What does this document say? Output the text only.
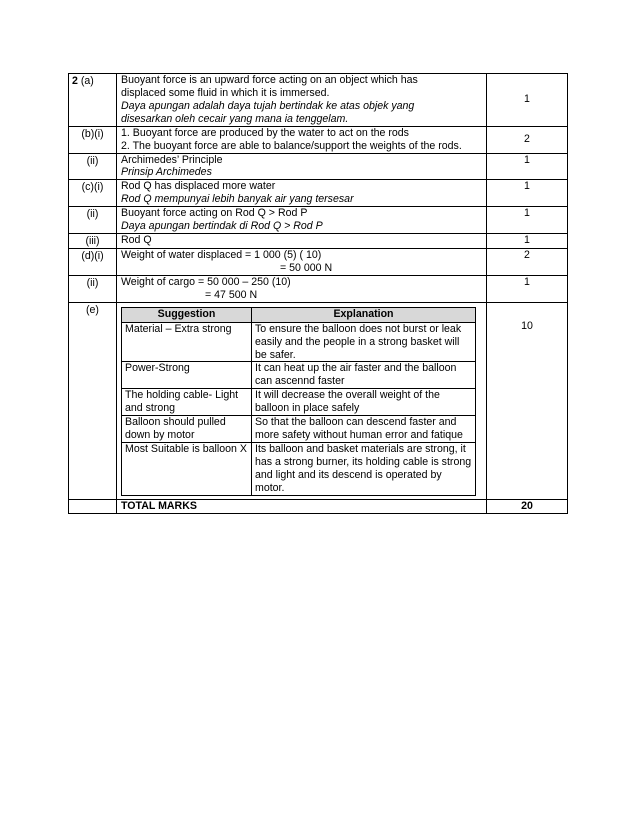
2 (a)	Buoyant force is an upward force acting on an object which has
displaced some fluid in which it is immersed.
Daya apungan adalah daya tujah bertindak ke atas objek yang
disesarkan oleh cecair yang mana ia tenggelam.
	1
(b)(i)	1. Buoyant force are produced by the water to act on the rods
2. The buoyant force are able to balance/support the weights of the rods.
	2
(ii)	Archimedes’ Principle
Prinsip Archimedes
	1
(c)(i)	Rod Q has displaced more water
Rod Q mempunyai lebih banyak air yang tersesar
	1
(ii)	Buoyant force acting on Rod Q > Rod P
Daya apungan bertindak di Rod Q > Rod P
	1
(iii)	Rod Q	1
(d)(i)	Weight of water displaced = 1 000 (5) ( 10)
= 50 000 N
	2
(ii)	Weight of cargo = 50 000 – 250 (10)
= 47 500 N
	1
(e)		Suggestion	Explanation
Material – Extra strong	To ensure the balloon does not burst or leak easily and the people in a strong basket will be safer.
Power-Strong	It can heat up the air faster and the balloon can ascennd faster
The holding cable- Light and strong	It will decrease the overall weight of the balloon in place safely
Balloon should pulled down by motor	So that the balloon can descend faster and more safety without human error and fatique
Most Suitable is balloon X	Its balloon and basket materials are strong, it has a strong burner, its holding cable is strong and light and its descend is operated by motor.
	10
	TOTAL MARKS	20
